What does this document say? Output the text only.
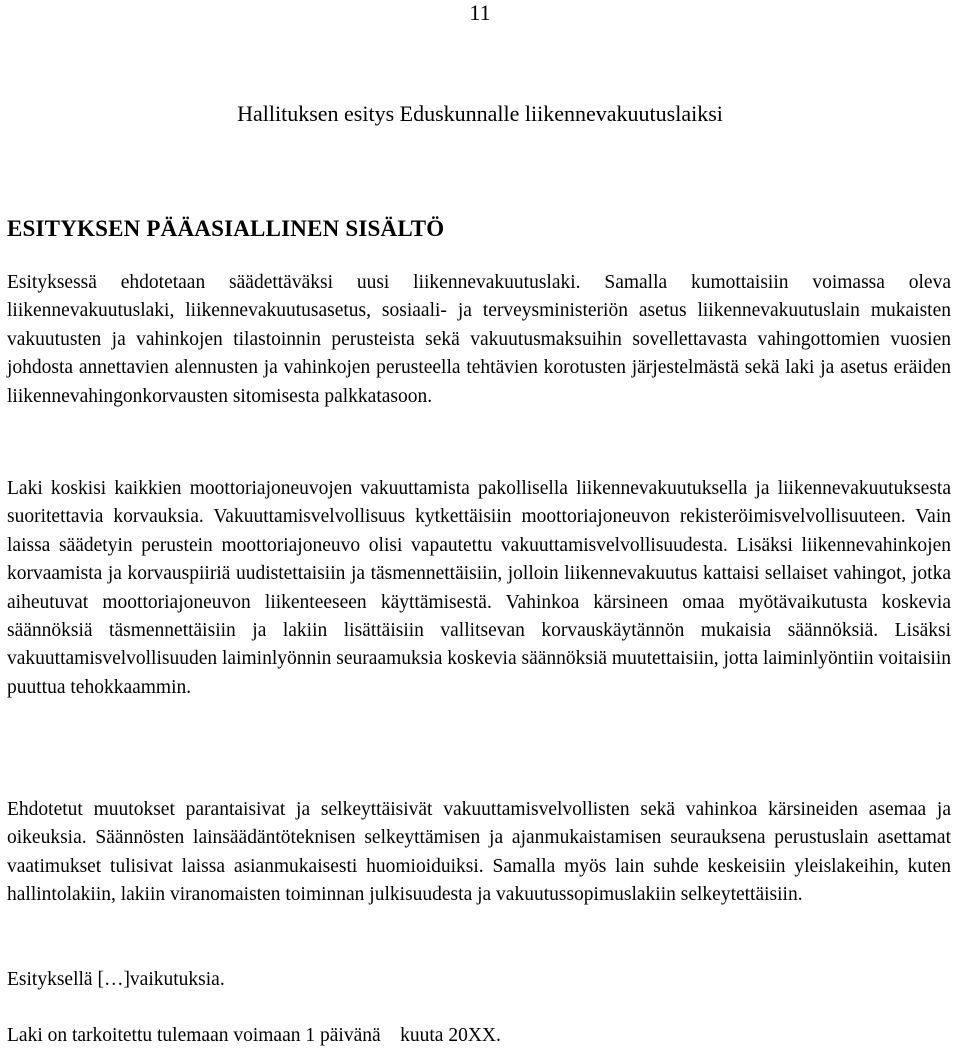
11
Hallituksen esitys Eduskunnalle liikennevakuutuslaiksi
ESITYKSEN PÄÄASIALLINEN SISÄLTÖ
Esityksessä ehdotetaan säädettäväksi uusi liikennevakuutuslaki. Samalla kumottaisiin voimassa oleva liikennevakuutuslaki, liikennevakuutusasetus, sosiaali- ja terveysministeriön asetus liikennevakuutuslain mukaisten vakuutusten ja vahinkojen tilastoinnin perusteista sekä vakuutusmaksuihin sovellettavasta vahingottomien vuosien johdosta annettavien alennusten ja vahinkojen perusteella tehtävien korotusten järjestelmästä sekä laki ja asetus eräiden liikennevahingonkorvausten sitomisesta palkkatasoon.
Laki koskisi kaikkien moottoriajoneuvojen vakuuttamista pakollisella liikennevakuutuksella ja liikennevakuutuksesta suoritettavia korvauksia. Vakuuttamisvelvollisuus kytkettäisiin moottoriajoneuvon rekisteröimisvelvollisuuteen. Vain laissa säädetyin perustein moottoriajoneuvo olisi vapautettu vakuuttamisvelvollisuudesta. Lisäksi liikennevahinkojen korvaamista ja korvauspiiriä uudistettaisiin ja täsmennettäisiin, jolloin liikennevakuutus kattaisi sellaiset vahingot, jotka aiheutuvat moottoriajoneuvon liikenteeseen käyttämisestä. Vahinkoa kärsineen omaa myötävaikutusta koskevia säännöksiä täsmennettäisiin ja lakiin lisättäisiin vallitsevan korvauskäytännön mukaisia säännöksiä. Lisäksi vakuuttamisvelvollisuuden laiminlyönnin seuraamuksia koskevia säännöksiä muutettaisiin, jotta laiminlyöntiin voitaisiin puuttua tehokkaammin.
Ehdotetut muutokset parantaisivat ja selkeyttäisivät vakuuttamisvelvollisten sekä vahinkoa kärsineiden asemaa ja oikeuksia. Säännösten lainsäädäntöteknisen selkeyttämisen ja ajanmukaistamisen seurauksena perustuslain asettamat vaatimukset tulisivat laissa asianmukaisesti huomioiduiksi. Samalla myös lain suhde keskeisiin yleislakeihin, kuten hallintolakiin, lakiin viranomaisten toiminnan julkisuudesta ja vakuutussopimuslakiin selkeytettäisiin.
Esityksellä […]vaikutuksia.
Laki on tarkoitettu tulemaan voimaan 1 päivänä    kuuta 20XX.
